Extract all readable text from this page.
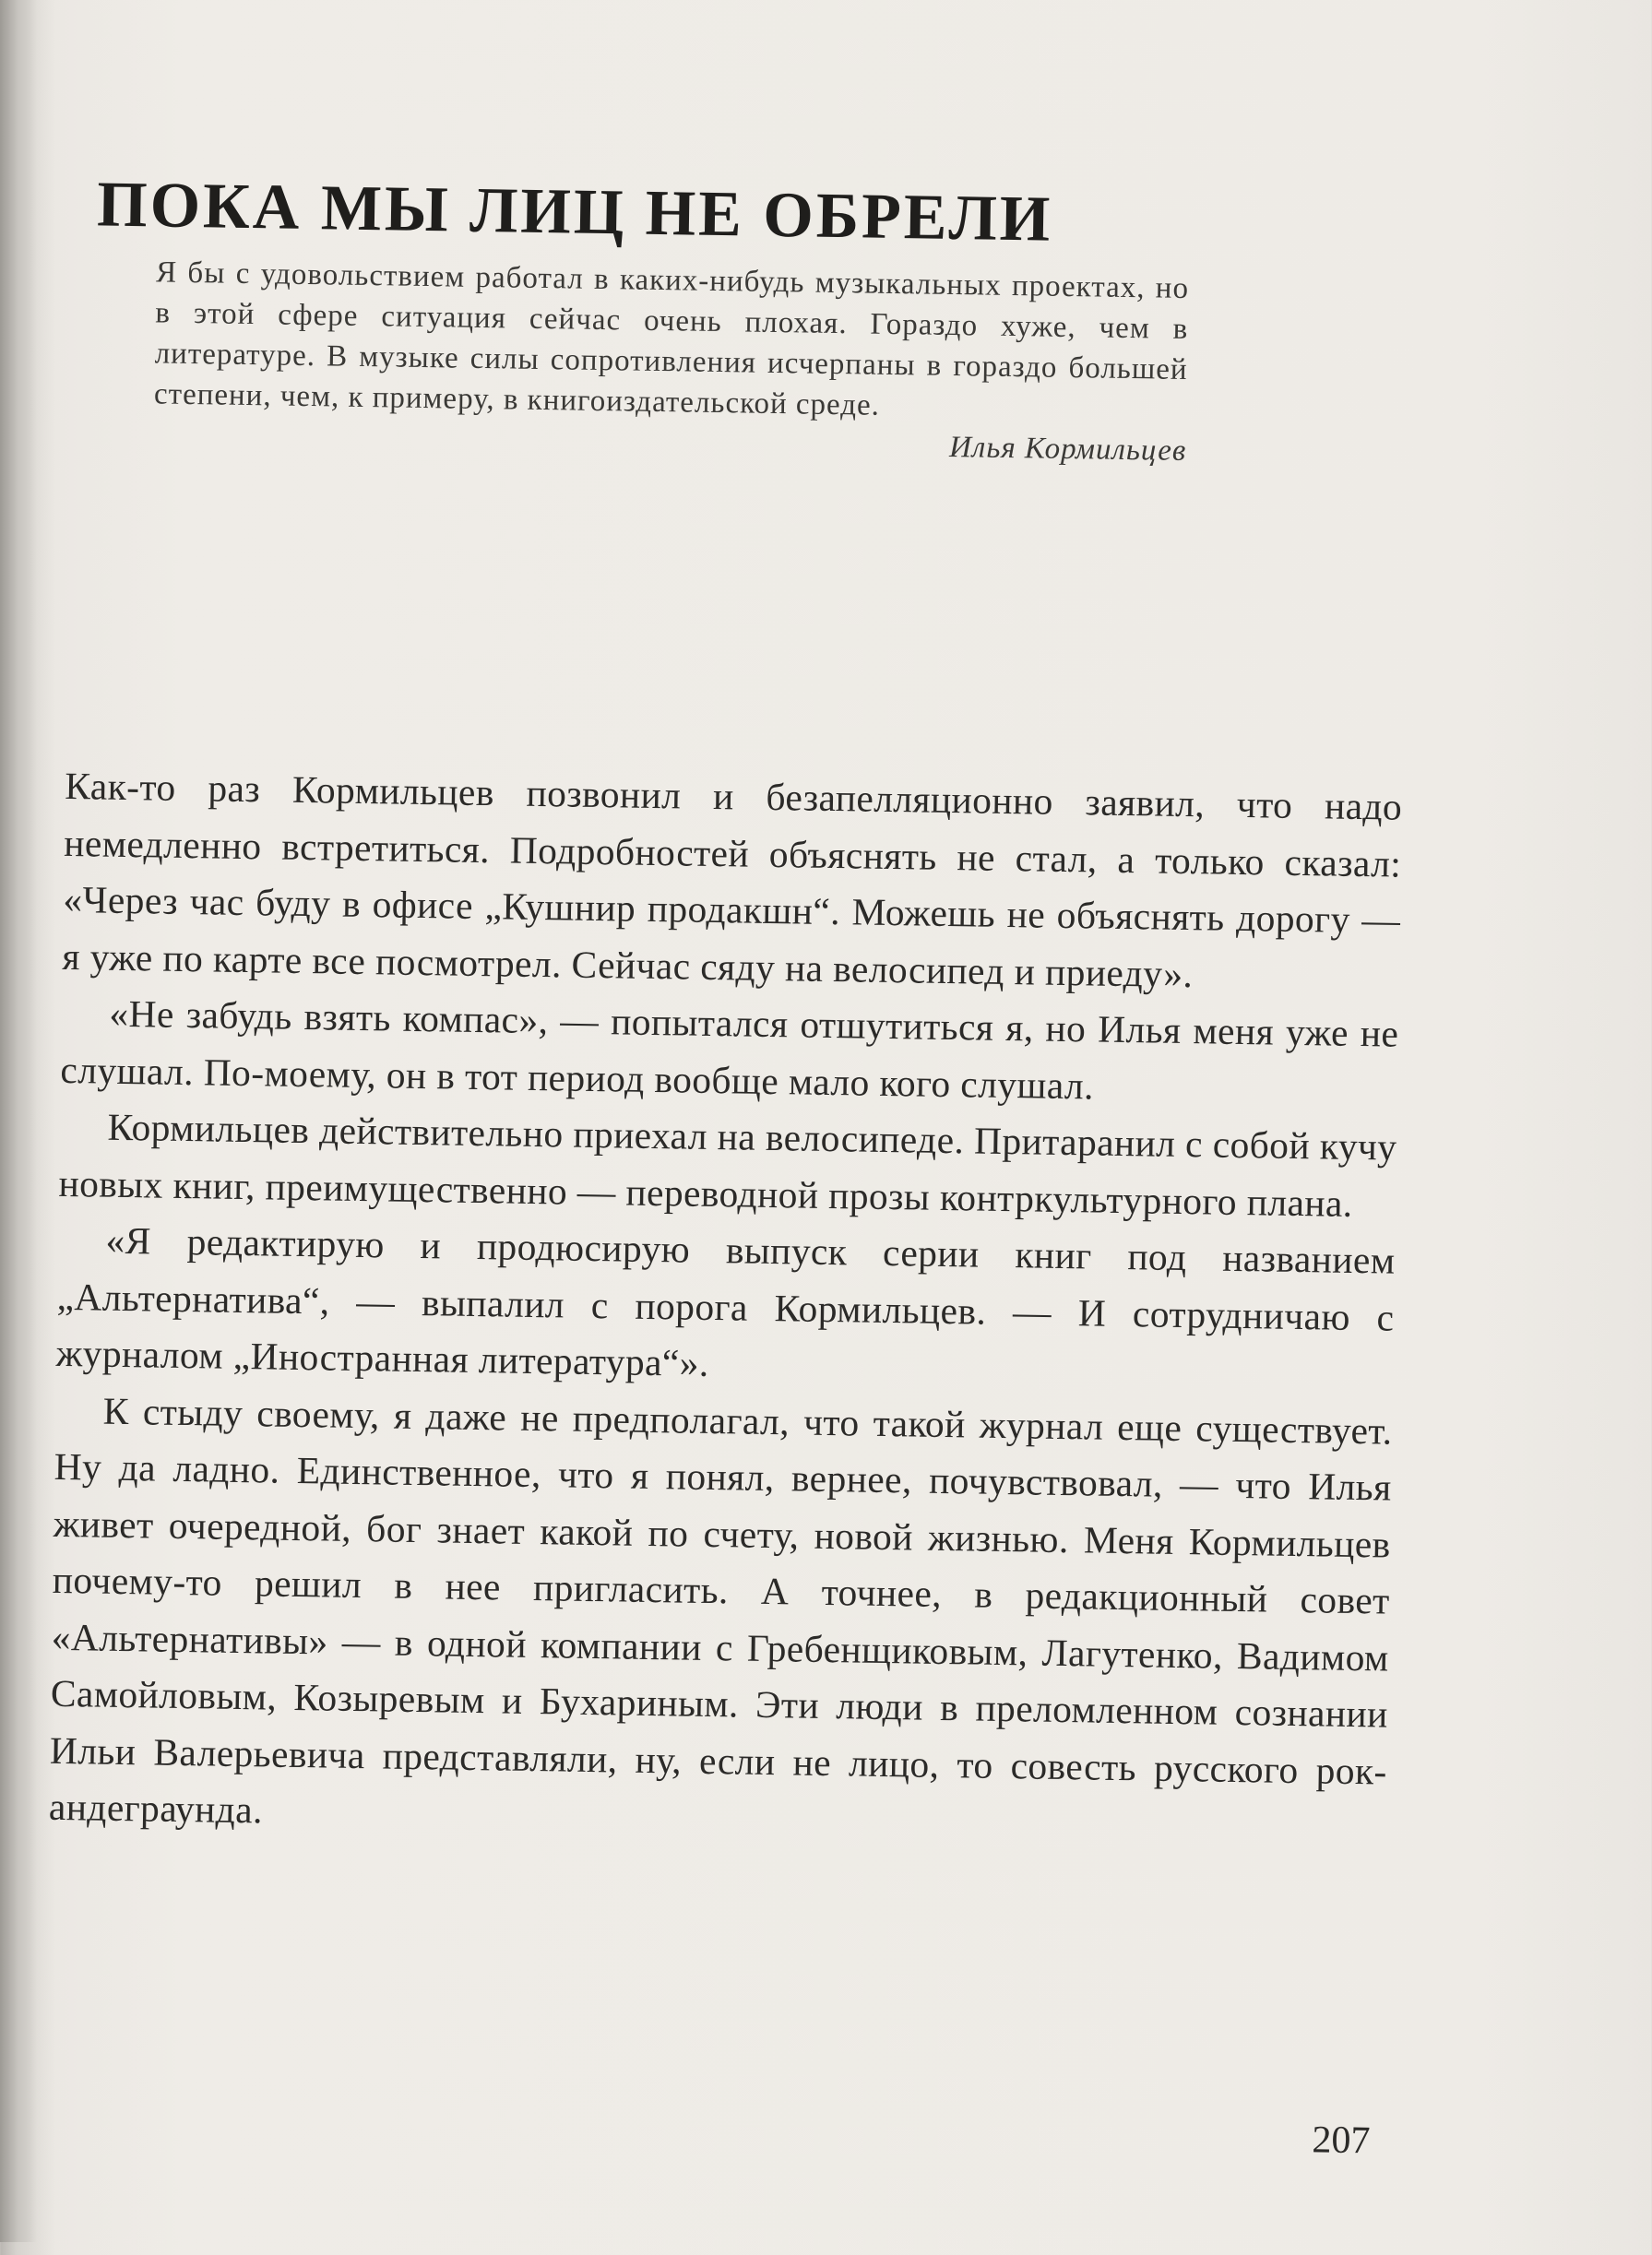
ПОКА МЫ ЛИЦ НЕ ОБРЕЛИ

Я бы с удовольствием работал в каких-нибудь музыкальных проектах, но в этой сфере ситуация сейчас очень плохая. Гораздо хуже, чем в литературе. В музыке силы сопротивления исчерпаны в гораздо большей степени, чем, к примеру, в книгоиздательской среде.

Илья Кормильцев

Как-то раз Кормильцев позвонил и безапелляционно заявил, что надо немедленно встретиться. Подробностей объяснять не стал, а только сказал: «Через час буду в офисе „Кушнир продакшн“. Можешь не объяснять дорогу — я уже по карте все посмотрел. Сейчас сяду на велосипед и приеду».

«Не забудь взять компас», — попытался отшутиться я, но Илья меня уже не слушал. По-моему, он в тот период вообще мало кого слушал.

Кормильцев действительно приехал на велосипеде. Притаранил с собой кучу новых книг, преимущественно — переводной прозы контркультурного плана.

«Я редактирую и продюсирую выпуск серии книг под названием „Альтернатива“, — выпалил с порога Кормильцев. — И сотрудничаю с журналом „Иностранная литература“».

К стыду своему, я даже не предполагал, что такой журнал еще существует. Ну да ладно. Единственное, что я понял, вернее, почувствовал, — что Илья живет очередной, бог знает какой по счету, новой жизнью. Меня Кормильцев почему-то решил в нее пригласить. А точнее, в редакционный совет «Альтернативы» — в одной компании с Гребенщиковым, Лагутенко, Вадимом Самойловым, Козыревым и Бухариным. Эти люди в преломленном сознании Ильи Валерьевича представляли, ну, если не лицо, то совесть русского рок-андеграунда.

207
